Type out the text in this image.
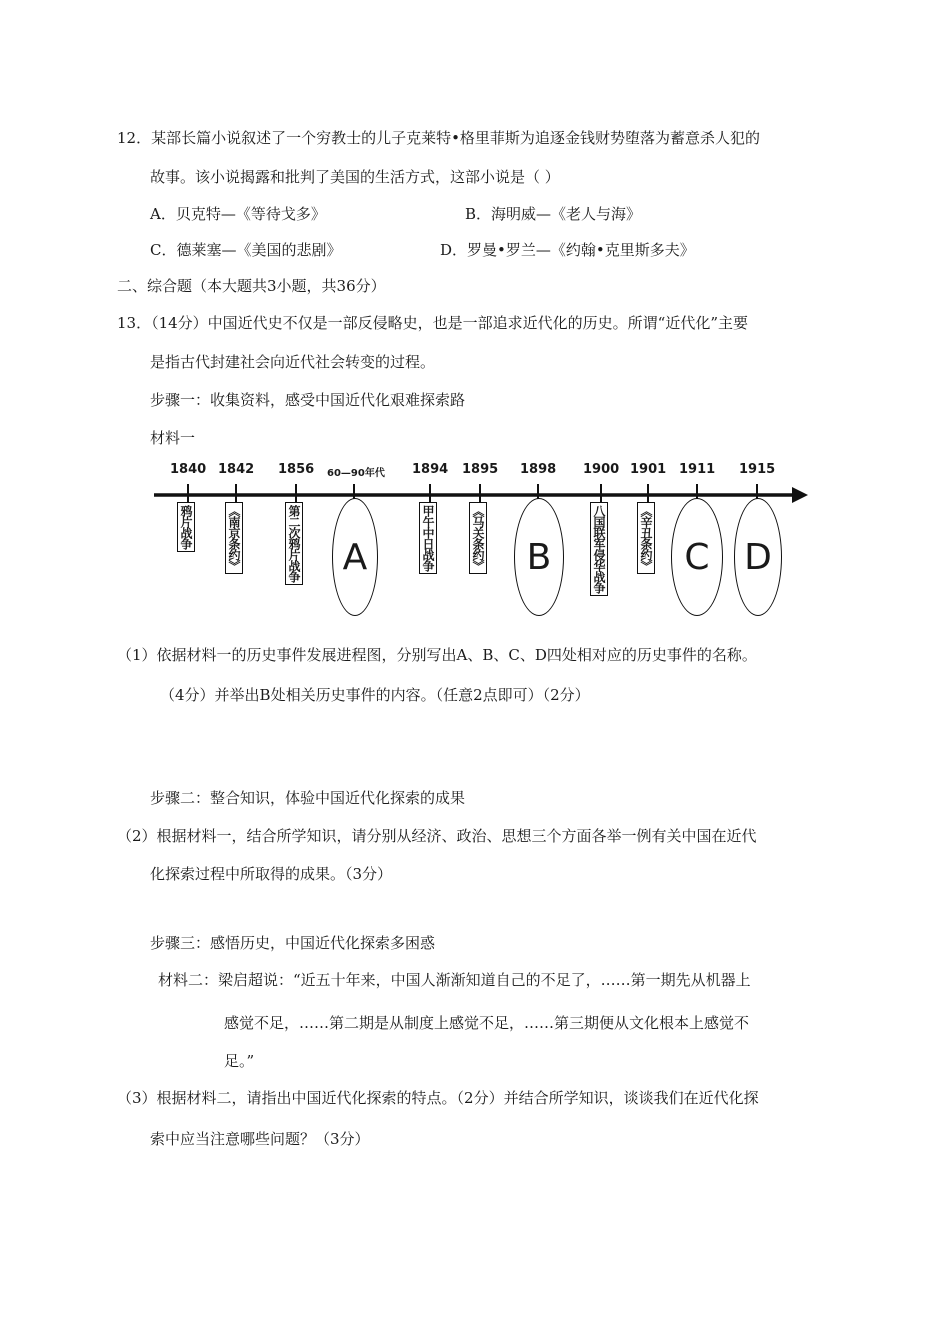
12．某部长篇小说叙述了一个穷教士的儿子克莱特•格里菲斯为追逐金钱财势堕落为蓄意杀人犯的
故事。该小说揭露和批判了美国的生活方式，这部小说是（ ）
A．贝克特—《等待戈多》	B．海明威—《老人与海》
C．德莱塞—《美国的悲剧》	D．罗曼•罗兰—《约翰•克里斯多夫》
二、综合题（本大题共3小题，共36分）
13．（14分）中国近代史不仅是一部反侵略史，也是一部追求近代化的历史。所谓“近代化”主要
是指古代封建社会向近代社会转变的过程。
步骤一：收集资料，感受中国近代化艰难探索路
材料一
1840 1842 1856 60—90年代 1894 1895 1898 1900 1901 1911 1915
鸦片战争	《南京条约》	第二次鸦片战争	甲午中日战争	《马关条约》	八国联军侵华战争	《辛丑条约》
A	B	C D
（1）依据材料一的历史事件发展进程图，分别写出A、B、C、D四处相对应的历史事件的名称。
（4分）并举出B处相关历史事件的内容。（任意2点即可）（2分）
步骤二：整合知识，体验中国近代化探索的成果
（2）根据材料一，结合所学知识，请分别从经济、政治、思想三个方面各举一例有关中国在近代
化探索过程中所取得的成果。（3分）
步骤三：感悟历史，中国近代化探索多困惑
材料二：梁启超说：“近五十年来，中国人渐渐知道自己的不足了，……第一期先从机器上
感觉不足，……第二期是从制度上感觉不足，……第三期便从文化根本上感觉不
足。”
（3）根据材料二，请指出中国近代化探索的特点。（2分）并结合所学知识，谈谈我们在近代化探
索中应当注意哪些问题？（3分）
